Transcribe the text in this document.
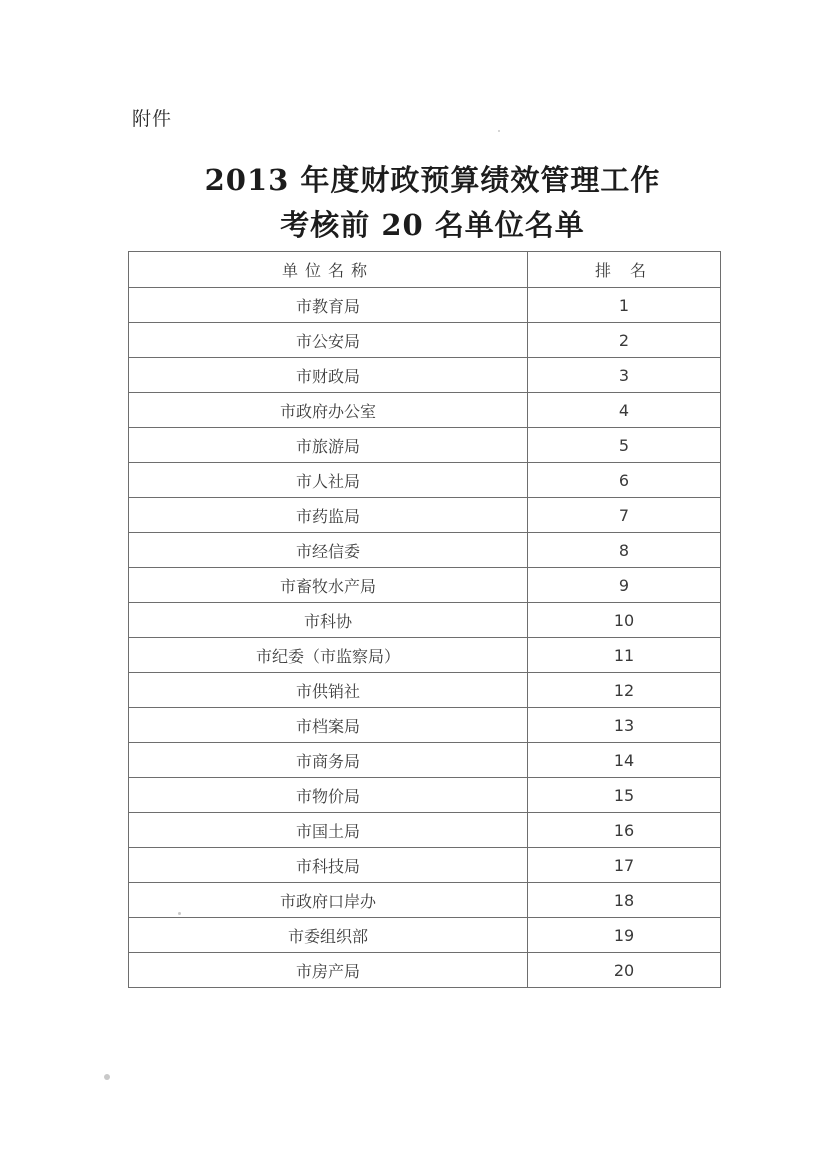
附件
2013 年度财政预算绩效管理工作
考核前 20 名单位名单
单位名称	排 名
市教育局	1
市公安局	2
市财政局	3
市政府办公室	4
市旅游局	5
市人社局	6
市药监局	7
市经信委	8
市畜牧水产局	9
市科协	10
市纪委（市监察局）	11
市供销社	12
市档案局	13
市商务局	14
市物价局	15
市国土局	16
市科技局	17
市政府口岸办	18
市委组织部	19
市房产局	20
